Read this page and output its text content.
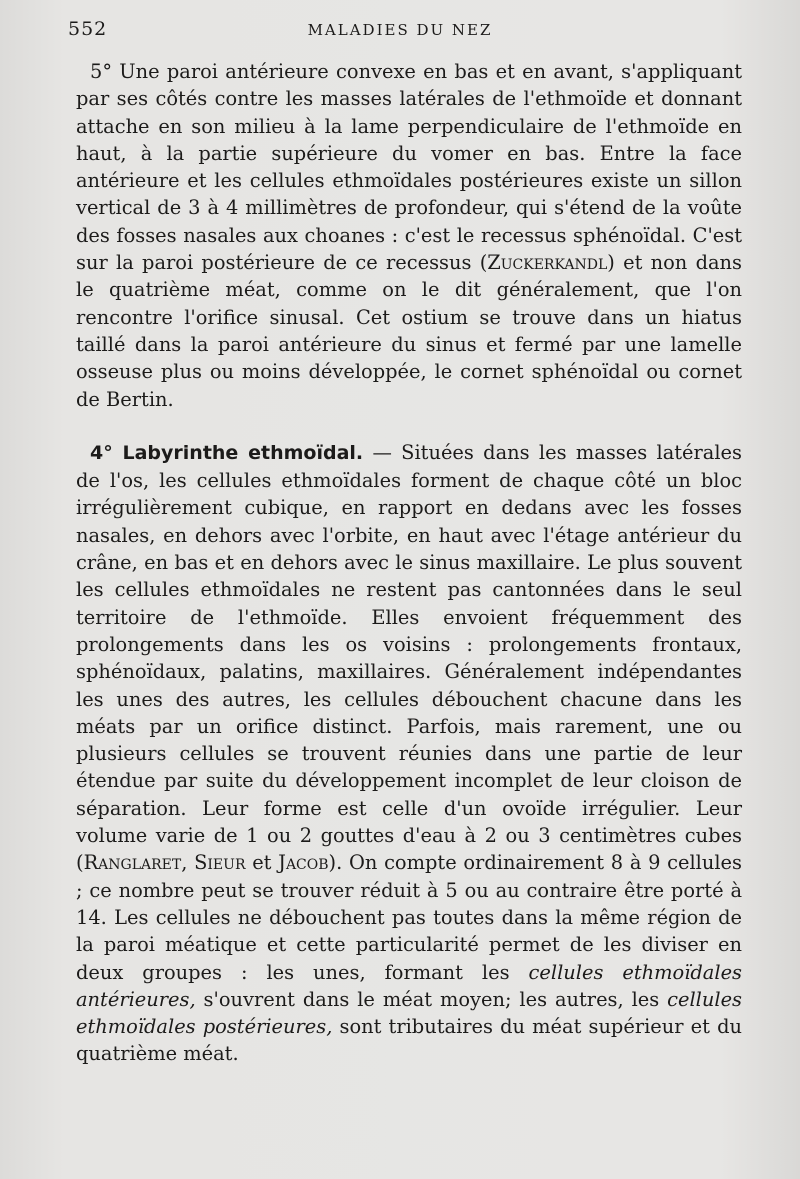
552	MALADIES DU NEZ

5° Une paroi antérieure convexe en bas et en avant, s'appliquant par ses côtés contre les masses latérales de l'ethmoïde et donnant attache en son milieu à la lame perpendiculaire de l'ethmoïde en haut, à la partie supérieure du vomer en bas. Entre la face antérieure et les cellules ethmoïdales postérieures existe un sillon vertical de 3 à 4 millimètres de profondeur, qui s'étend de la voûte des fosses nasales aux choanes : c'est le recessus sphénoïdal. C'est sur la paroi postérieure de ce recessus (Zuckerkandl) et non dans le quatrième méat, comme on le dit généralement, que l'on rencontre l'orifice sinusal. Cet ostium se trouve dans un hiatus taillé dans la paroi antérieure du sinus et fermé par une lamelle osseuse plus ou moins développée, le cornet sphénoïdal ou cornet de Bertin.

4° Labyrinthe ethmoïdal. — Situées dans les masses latérales de l'os, les cellules ethmoïdales forment de chaque côté un bloc irrégulièrement cubique, en rapport en dedans avec les fosses nasales, en dehors avec l'orbite, en haut avec l'étage antérieur du crâne, en bas et en dehors avec le sinus maxillaire. Le plus souvent les cellules ethmoïdales ne restent pas cantonnées dans le seul territoire de l'ethmoïde. Elles envoient fréquemment des prolongements dans les os voisins : prolongements frontaux, sphénoïdaux, palatins, maxillaires. Généralement indépendantes les unes des autres, les cellules débouchent chacune dans les méats par un orifice distinct. Parfois, mais rarement, une ou plusieurs cellules se trouvent réunies dans une partie de leur étendue par suite du développement incomplet de leur cloison de séparation. Leur forme est celle d'un ovoïde irrégulier. Leur volume varie de 1 ou 2 gouttes d'eau à 2 ou 3 centimètres cubes (Ranglaret, Sieur et Jacob). On compte ordinairement 8 à 9 cellules ; ce nombre peut se trouver réduit à 5 ou au contraire être porté à 14. Les cellules ne débouchent pas toutes dans la même région de la paroi méatique et cette particularité permet de les diviser en deux groupes : les unes, formant les cellules ethmoïdales antérieures, s'ouvrent dans le méat moyen; les autres, les cellules ethmoïdales postérieures, sont tributaires du méat supérieur et du quatrième méat.
